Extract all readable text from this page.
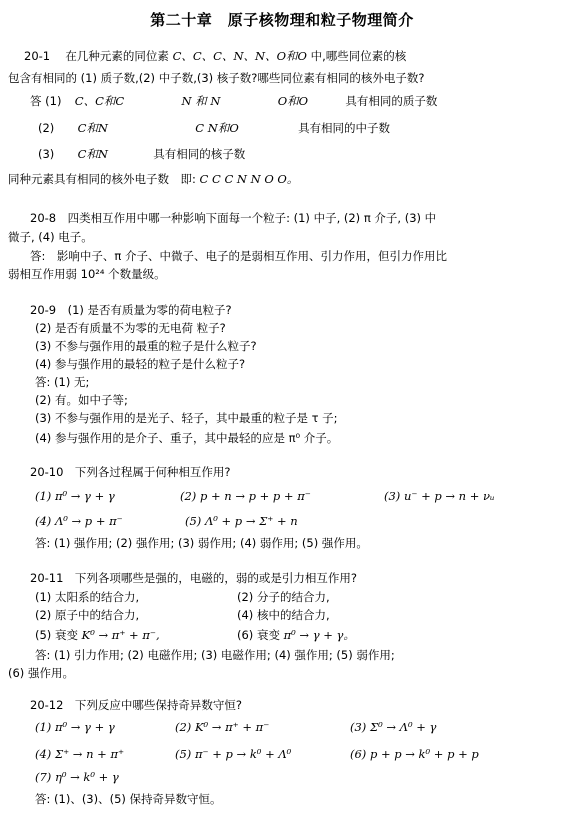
第二十章　原子核物理和粒子物理简介
20-1 在几种元素的同位素 C、C、C、N、N、O和O 中,哪些同位素的核
包含有相同的 (1) 质子数,(2) 中子数,(3) 核子数?哪些同位素有相同的核外电子数?
答 (1) C、C和C	N 和 N	O和O	具有相同的质子数
(2) C和N	C N和O	具有相同的中子数
(3) C和N	具有相同的核子数
同种元素具有相同的核外电子数　即: C C C N N O O。
20-8　四类相互作用中哪一种影响下面每一个粒子: (1) 中子, (2) π 介子, (3) 中
微子, (4) 电子。
答:　影响中子、π 介子、中微子、电子的是弱相互作用、引力作用，但引力作用比
弱相互作用弱 10²⁴ 个数量级。
20-9　(1) 是否有质量为零的荷电粒子?
(2) 是否有质量不为零的无电荷 粒子?
(3) 不参与强作用的最重的粒子是什么粒子?
(4) 参与强作用的最轻的粒子是什么粒子?
答: (1) 无;
(2) 有。如中子等;
(3) 不参与强作用的是光子、轻子，其中最重的粒子是 τ 子;
(4) 参与强作用的是介子、重子，其中最轻的应是 π⁰ 介子。
20-10　下列各过程属于何种相互作用?
(1) π⁰ → γ + γ	(2) p + n → p + p + π⁻	(3) u⁻ + p → n + νᵤ
(4) Λ⁰ → p + π⁻	(5) Λ⁰ + p → Σ⁺ + n
答: (1) 强作用; (2) 强作用; (3) 弱作用; (4) 弱作用; (5) 强作用。
20-11　下列各项哪些是强的，电磁的，弱的或是引力相互作用?
(1) 太阳系的结合力,	(2) 分子的结合力,
(2) 原子中的结合力,	(4) 核中的结合力,
(5) 衰变 K⁰ → π⁺ + π⁻,	(6) 衰变 π⁰ → γ + γ。
答: (1) 引力作用; (2) 电磁作用; (3) 电磁作用; (4) 强作用; (5) 弱作用;
(6) 强作用。
20-12　下列反应中哪些保持奇异数守恒?
(1) π⁰ → γ + γ	(2) K⁰ → π⁺ + π⁻	(3) Σ⁰ → Λ⁰ + γ
(4) Σ⁺ → n + π⁺	(5) π⁻ + p → k⁰ + Λ⁰	(6) p + p → k⁰ + p + p
(7) η⁰ → k⁰ + γ
答: (1)、(3)、(5) 保持奇异数守恒。
